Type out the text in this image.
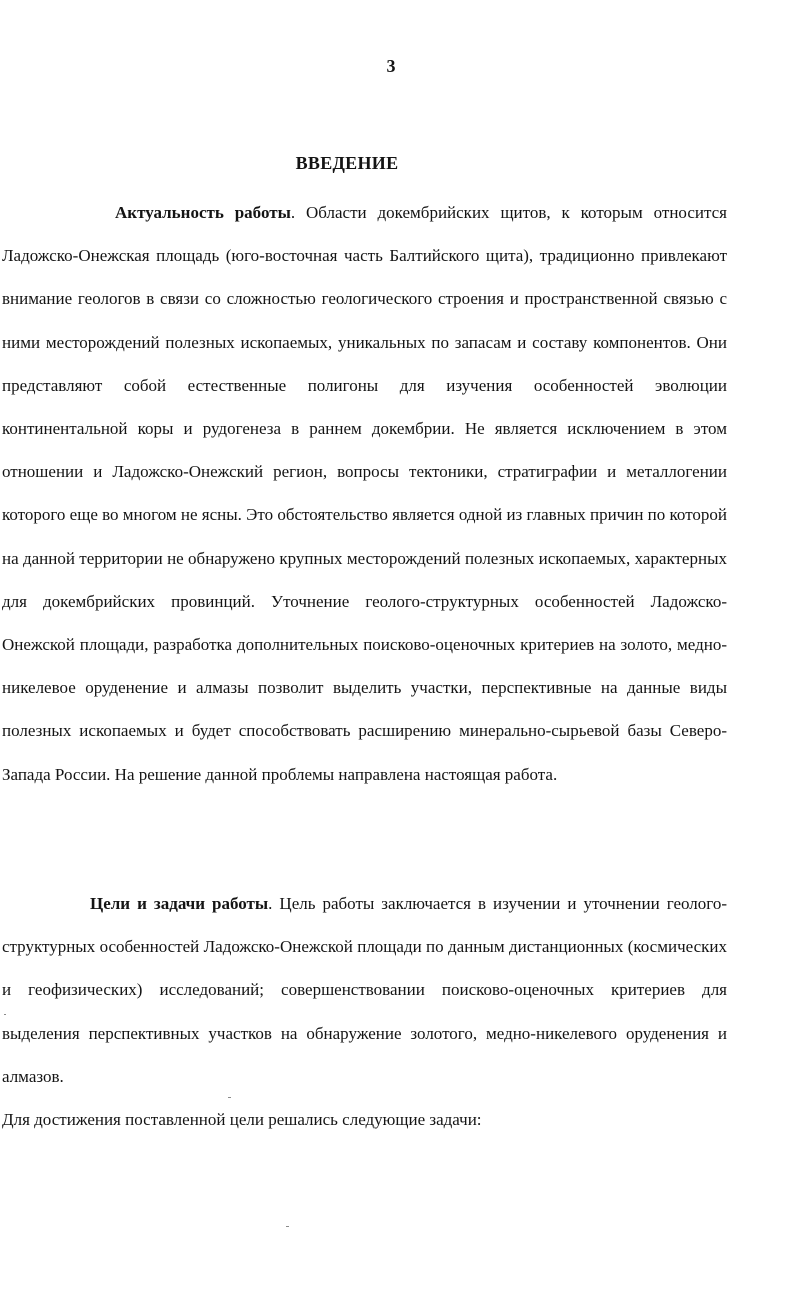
3
ВВЕДЕНИЕ

Актуальность работы. Области докембрийских щитов, к которым относится Ладожско-Онежская площадь (юго-восточная часть Балтийского щита), традиционно привлекают внимание геологов в связи со сложностью геологического строения и пространственной связью с ними месторождений полезных ископаемых, уникальных по запасам и составу компонентов. Они представляют собой естественные полигоны для изучения особенностей эволюции континентальной коры и рудогенеза в раннем докембрии. Не является исключением в этом отношении и Ладожско-Онежский регион, вопросы тектоники, стратиграфии и металлогении которого еще во многом не ясны. Это обстоятельство является одной из главных причин по которой на данной территории не обнаружено крупных месторождений полезных ископаемых, характерных для докембрийских провинций. Уточнение геолого-структурных особенностей Ладожско-Онежской площади, разработка дополнительных поисково-оценочных критериев на золото, медно-никелевое оруденение и алмазы позволит выделить участки, перспективные на данные виды полезных ископаемых и будет способствовать расширению минерально-сырьевой базы Северо-Запада России. На решение данной проблемы направлена настоящая работа.

Цели и задачи работы. Цель работы заключается в изучении и уточнении геолого-структурных особенностей Ладожско-Онежской площади по данным дистанционных (космических и геофизических) исследований; совершенствовании поисково-оценочных критериев для выделения перспективных участков на обнаружение золотого, медно-никелевого оруденения и алмазов.

Для достижения поставленной цели решались следующие задачи:
